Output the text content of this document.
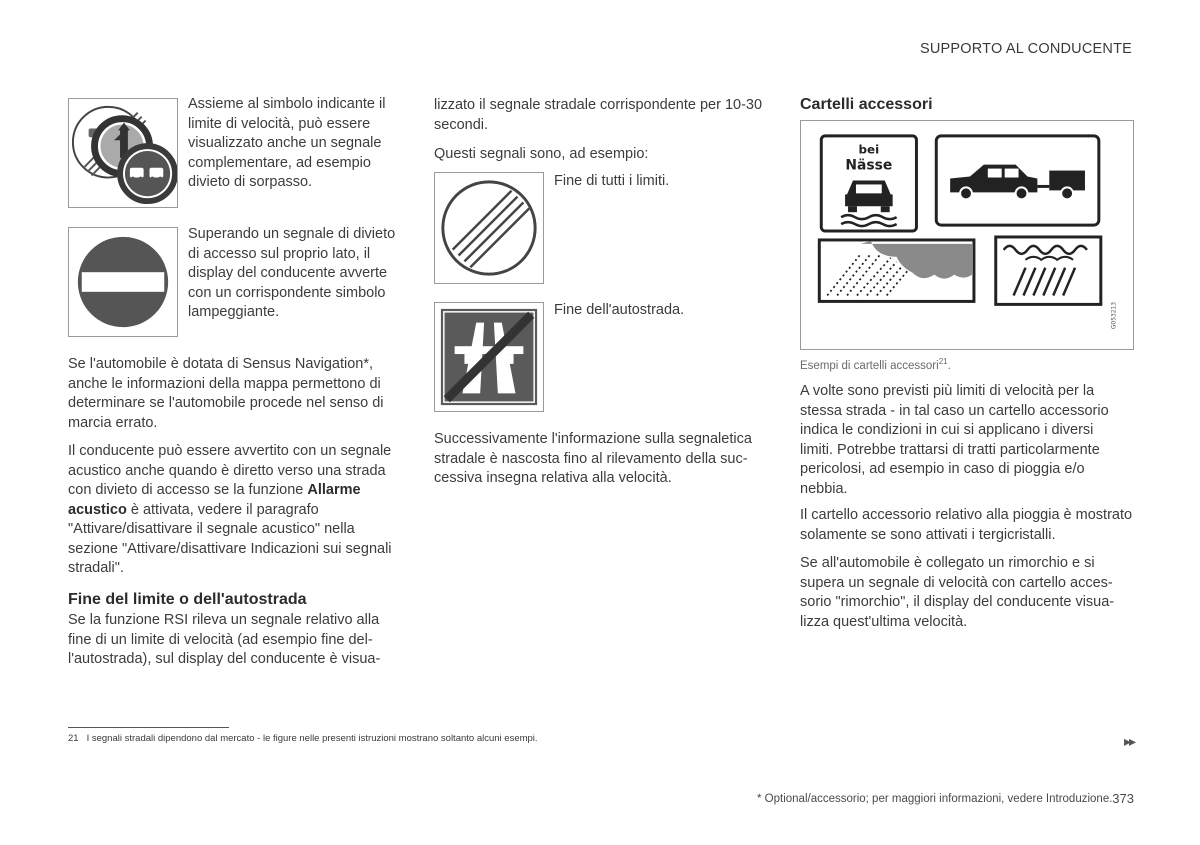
SUPPORTO AL CONDUCENTE

Assieme al simbolo indicante il limite di velocità, può essere visualizzato anche un segnale complementare, ad esempio divieto di sorpasso.

Superando un segnale di divieto di accesso sul proprio lato, il display del conducente avverte con un corrispondente simbolo lampeggiante.

Se l'automobile è dotata di Sensus Navigation*, anche le informazioni della mappa permettono di determinare se l'automobile procede nel senso di marcia errato.

Il conducente può essere avvertito con un segnale acustico anche quando è diretto verso una strada con divieto di accesso se la funzione Allarme acustico è attivata, vedere il paragrafo "Attivare/disattivare il segnale acustico" nella sezione "Attivare/disattivare Indicazioni sui segnali stradali".

Fine del limite o dell'autostrada

Se la funzione RSI rileva un segnale relativo alla fine di un limite di velocità (ad esempio fine del-l'autostrada), sul display del conducente è visua-

lizzato il segnale stradale corrispondente per 10-30 secondi.

Questi segnali sono, ad esempio:

Fine di tutti i limiti.

Fine dell'autostrada.

Successivamente l'informazione sulla segnaletica stradale è nascosta fino al rilevamento della suc-cessiva insegna relativa alla velocità.

Cartelli accessori
bei
Nässe
G053213
Esempi di cartelli accessori$^{21}$.

A volte sono previsti più limiti di velocità per la stessa strada - in tal caso un cartello accessorio indica le condizioni in cui si applicano i diversi limiti. Potrebbe trattarsi di tratti particolarmente pericolosi, ad esempio in caso di pioggia e/o nebbia.

Il cartello accessorio relativo alla pioggia è mostrato solamente se sono attivati i tergicristalli.

Se all'automobile è collegato un rimorchio e si supera un segnale di velocità con cartello acces-sorio "rimorchio", il display del conducente visua-lizza quest'ultima velocità.

21 I segnali stradali dipendono dal mercato - le figure nelle presenti istruzioni mostrano soltanto alcuni esempi.	▸▸
* Optional/accessorio; per maggiori informazioni, vedere Introduzione. 373
